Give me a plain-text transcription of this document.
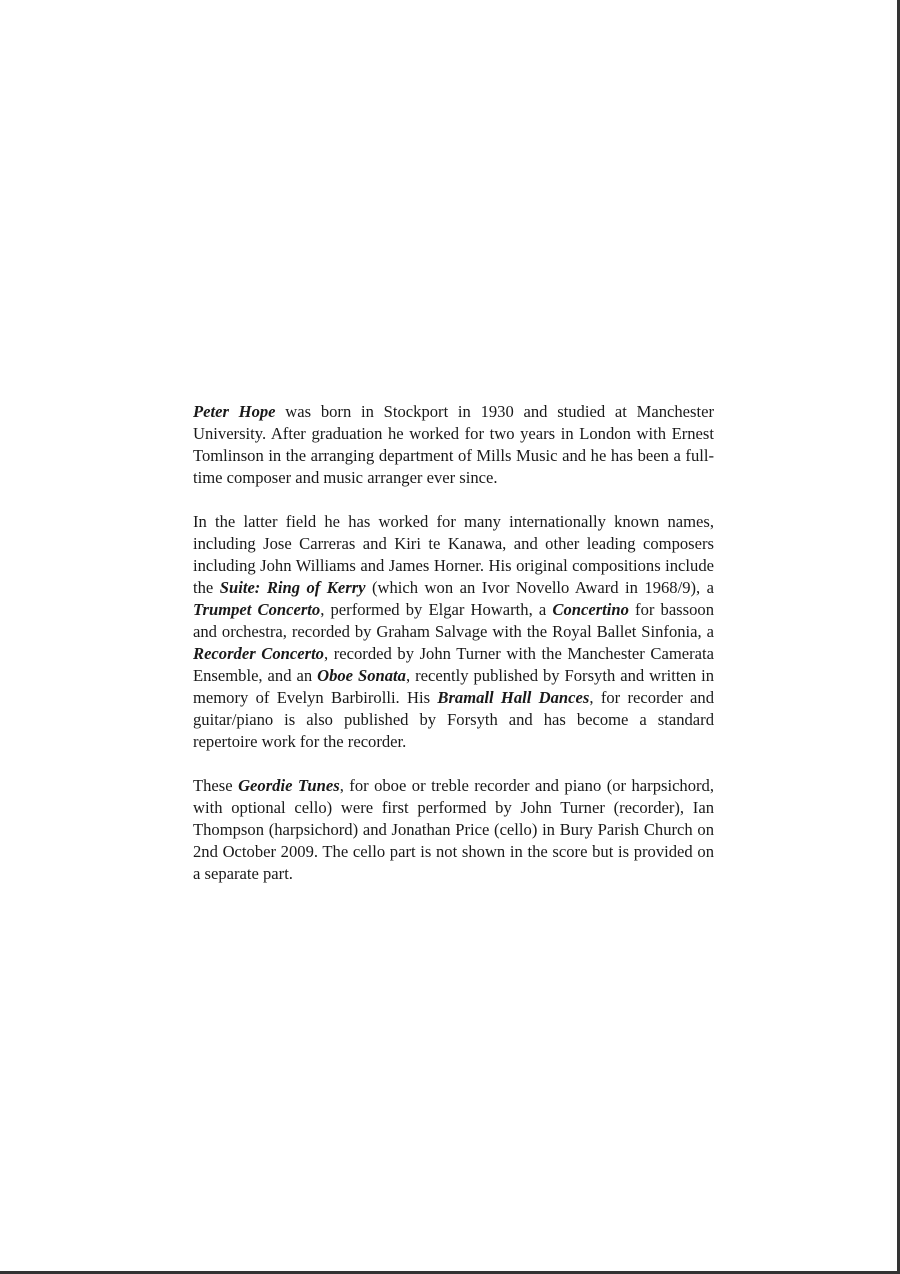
Peter Hope was born in Stockport in 1930 and studied at Manchester University. After graduation he worked for two years in London with Ernest Tomlinson in the arranging department of Mills Music and he has been a full-time composer and music arranger ever since.

In the latter field he has worked for many internationally known names, including Jose Carreras and Kiri te Kanawa, and other leading composers including John Williams and James Horner. His original compositions include the Suite: Ring of Kerry (which won an Ivor Novello Award in 1968/9), a Trumpet Concerto, performed by Elgar Howarth, a Concertino for bassoon and orchestra, recorded by Graham Salvage with the Royal Ballet Sinfonia, a Recorder Concerto, recorded by John Turner with the Manchester Camerata Ensemble, and an Oboe Sonata, recently published by Forsyth and written in memory of Evelyn Barbirolli. His Bramall Hall Dances, for recorder and guitar/piano is also published by Forsyth and has become a standard repertoire work for the recorder.

These Geordie Tunes, for oboe or treble recorder and piano (or harpsichord, with optional cello) were first performed by John Turner (recorder), Ian Thompson (harpsichord) and Jonathan Price (cello) in Bury Parish Church on 2nd October 2009. The cello part is not shown in the score but is provided on a separate part.
